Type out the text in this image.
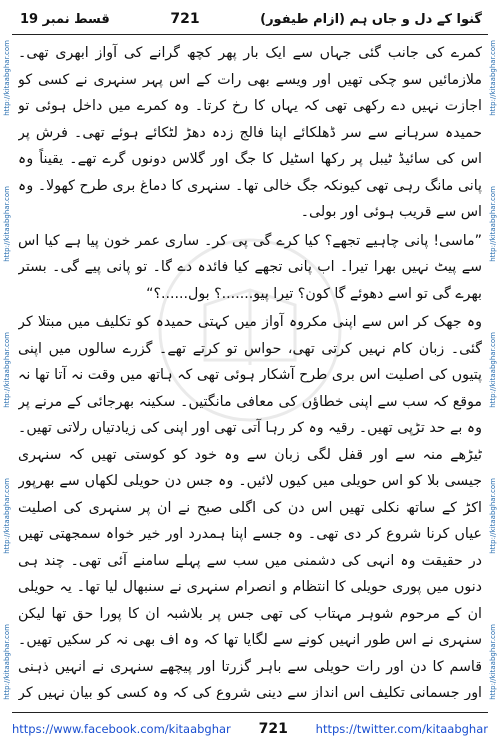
قسط نمبر 19	721	گنوا کے دل و جاں ہم (ازام طیفور)
http://kitaabghar.com
http://kitaabghar.com
http://kitaabghar.com
http://kitaabghar.com
http://kitaabghar.com
http://kitaabghar.com
http://kitaabghar.com
http://kitaabghar.com
http://kitaabghar.com
http://kitaabghar.com

کمرے کی جانب گئی جہاں سے ایک بار پھر کچھ گرانے کی آواز ابھری تھی۔ ملازمائیں سو چکی تھیں اور ویسے بھی رات کے اس پہر سنہری نے کسی کو اجازت نہیں دے رکھی تھی کہ یہاں کا رخ کرتا۔ وہ کمرے میں داخل ہوئی تو حمیدہ سرہانے سے سر ڈھلکائے اپنا فالج زدہ دھڑ لٹکائے ہوئے تھی۔ فرش پر اس کی سائیڈ ٹیبل پر رکھا اسٹیل کا جگ اور گلاس دونوں گرے تھے۔ یقیناً وہ پانی مانگ رہی تھی کیونکہ جگ خالی تھا۔ سنہری کا دماغ بری طرح کھولا۔ وہ اس سے قریب ہوئی اور بولی۔

”ماسی! پانی چاہیے تجھے؟ کیا کرے گی پی کر۔ ساری عمر خون پیا ہے کیا اس سے پیٹ نہیں بھرا تیرا۔ اب پانی تجھے کیا فائدہ دے گا۔ تو پانی پیے گی۔ بستر بھرے گی تو اسے دھوئے گا کون؟ تیرا پیو.......؟ بول......؟“

وہ جھک کر اس سے اپنی مکروہ آواز میں کہتی حمیدہ کو تکلیف میں مبتلا کر گئی۔ زبان کام نہیں کرتی تھی، حواس تو کرتے تھے۔ گزرے سالوں میں اپنی پتیوں کی اصلیت اس بری طرح آشکار ہوئی تھی کہ ہاتھ میں وقت نہ آتا تھا نہ موقع کہ سب سے اپنی خطاؤں کی معافی مانگتیں۔ سکینہ بھرجائی کے مرنے پر وہ بے حد تڑپی تھیں۔ رقیہ وہ کر رہا آتی تھی اور اپنی کی زیادتیاں رلاتی تھیں۔ ٹیڑھے منہ سے اور قفل لگی زبان سے وہ خود کو کوستی تھیں کہ سنہری جیسی بلا کو اس حویلی میں کیوں لائیں۔ وہ جس دن حویلی لکھاں سے بھرپور اکڑ کے ساتھ نکلی تھیں اس دن کی اگلی صبح نے ان پر سنہری کی اصلیت عیاں کرنا شروع کر دی تھی۔ وہ جسے اپنا ہمدرد اور خیر خواہ سمجھتی تھیں در حقیقت وہ انہی کی دشمنی میں سب سے پہلے سامنے آئی تھی۔ چند ہی دنوں میں پوری حویلی کا انتظام و انصرام سنہری نے سنبھال لیا تھا۔ یہ حویلی ان کے مرحوم شوہر مہتاب کی تھی جس پر بلاشبہ ان کا پورا حق تھا لیکن سنہری نے اس طور انہیں کونے سے لگایا تھا کہ وہ اف بھی نہ کر سکیں تھیں۔ قاسم کا دن اور رات حویلی سے باہر گزرتا اور پیچھے سنہری نے انہیں ذہنی اور جسمانی تکلیف اس انداز سے دینی شروع کی کہ وہ کسی کو بیان نہیں کر

https://www.facebook.com/kitaabghar 721 https://twitter.com/kitaabghar
